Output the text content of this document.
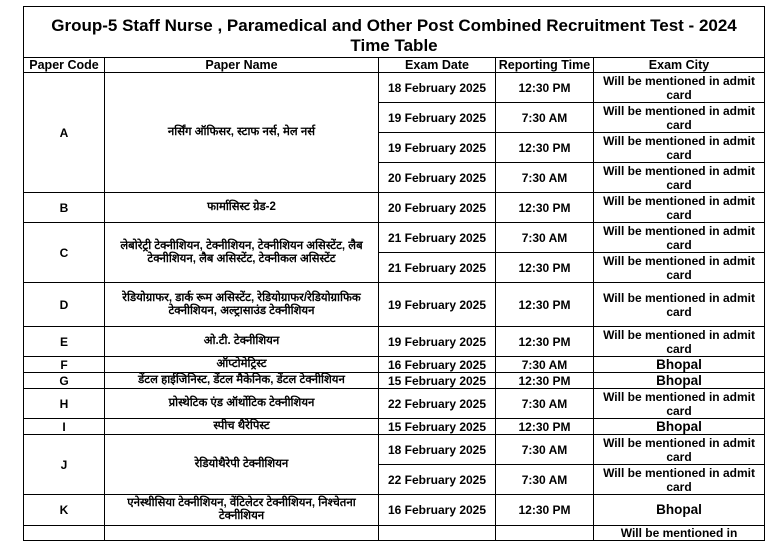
Group-5 Staff Nurse , Paramedical and Other Post Combined Recruitment Test - 2024
Time Table				

Paper Code	Paper Name	Exam Date	Reporting Time	Exam City
A	नर्सिंग ऑफिसर, स्टाफ नर्स, मेल नर्स	18 February 2025	12:30 PM	Will be mentioned in admit card
		19 February 2025	7:30 AM	Will be mentioned in admit card
		19 February 2025	12:30 PM	Will be mentioned in admit card
		20 February 2025	7:30 AM	Will be mentioned in admit card
B	फार्मासिस्ट ग्रेड-2	20 February 2025	12:30 PM	Will be mentioned in admit card
C	लेबोरेट्री टेक्नीशियन, टेक्नीशियन, टेक्नीशियन असिस्टेंट, लैब टेक्नीशियन, लैब असिस्टेंट, टेक्नीकल असिस्टेंट	21 February 2025	7:30 AM	Will be mentioned in admit card
		21 February 2025	12:30 PM	Will be mentioned in admit card
D	रेडियोग्राफर, डार्क रूम असिस्टेंट, रेडियोग्राफर/रेडियोग्राफिक टेक्नीशियन, अल्ट्रासाउंड टेक्नीशियन	19 February 2025	12:30 PM	Will be mentioned in admit card
E	ओ.टी. टेक्नीशियन	19 February 2025	12:30 PM	Will be mentioned in admit card
F	ऑप्टोमेट्रिस्ट	16 February 2025	7:30 AM	Bhopal
G	डेंटल हाईजिनिस्ट, डेंटल मैकेनिक, डेंटल टेक्नीशियन	15 February 2025	12:30 PM	Bhopal
H	प्रोस्थेटिक एंड ऑर्थोटिक टेक्नीशियन	22 February 2025	7:30 AM	Will be mentioned in admit card
I	स्पीच थैरेपिस्ट	15 February 2025	12:30 PM	Bhopal
J	रेडियोथैरेपी टेक्नीशियन	18 February 2025	7:30 AM	Will be mentioned in admit card
		22 February 2025	7:30 AM	Will be mentioned in admit card
K	एनेस्थीसिया टेक्नीशियन, वेंटिलेटर टेक्नीशियन, निश्चेतना टेक्नीशियन	16 February 2025	12:30 PM	Bhopal
				Will be mentioned in
